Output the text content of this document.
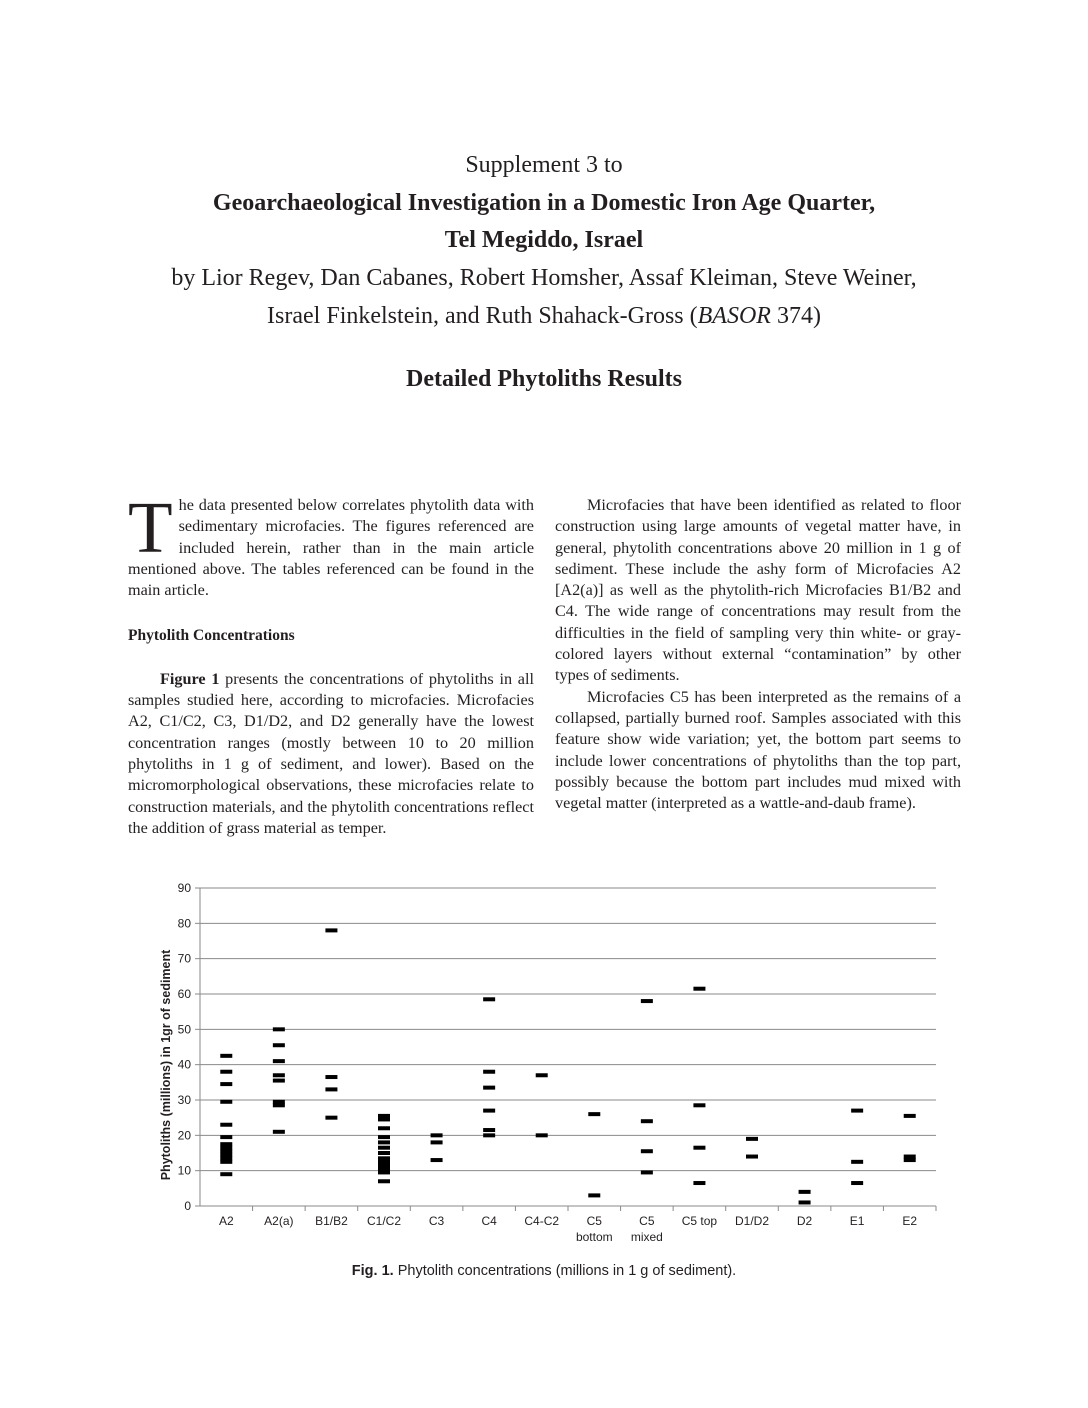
Supplement 3 to
Geoarchaeological Investigation in a Domestic Iron Age Quarter,
Tel Megiddo, Israel
by Lior Regev, Dan Cabanes, Robert Homsher, Assaf Kleiman, Steve Weiner,
Israel Finkelstein, and Ruth Shahack-Gross (BASOR 374)
Detailed Phytoliths Results

The data presented below correlates phytolith data with sedimentary microfacies. The figures referenced are included herein, rather than in the main article mentioned above. The tables referenced can be found in the main article.

Phytolith Concentrations

Figure 1 presents the concentrations of phytoliths in all samples studied here, according to microfacies. Microfacies A2, C1/C2, C3, D1/D2, and D2 generally have the lowest concentration ranges (mostly between 10 to 20 million phytoliths in 1 g of sediment, and lower). Based on the micromorphological observations, these microfacies relate to construction materials, and the phytolith concentrations reflect the addition of grass material as temper.

Microfacies that have been identified as related to floor construction using large amounts of vegetal matter have, in general, phytolith concentrations above 20 million in 1 g of sediment. These include the ashy form of Microfacies A2 [A2(a)] as well as the phytolith-rich Microfacies B1/B2 and C4. The wide range of concentrations may result from the difficulties in the field of sampling very thin white- or gray-colored layers without external “contamination” by other types of sediments.

Microfacies C5 has been interpreted as the remains of a collapsed, partially burned roof. Samples associated with this feature show wide variation; yet, the bottom part seems to include lower concentrations of phytoliths than the top part, possibly because the bottom part includes mud mixed with vegetal matter (interpreted as a wattle-and-daub frame).

0
10
20
30
40
50
60
70
80
90
A2	A2(a) B1/B2 C1/C2 C3	C4 C4-C2 C5
bottom
C5
mixed
C5 top D1/D2 D2	E1	E2
Phytoliths (millions) in 1gr of sediment
Fig. 1. Phytolith concentrations (millions in 1 g of sediment).
